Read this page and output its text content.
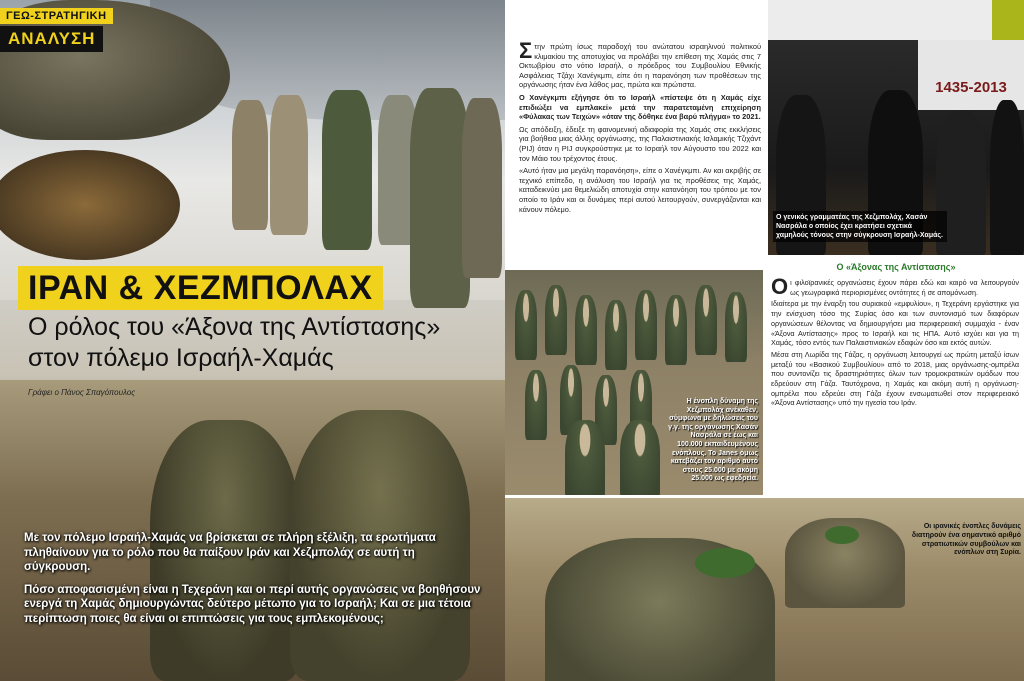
ΓΕΩ-ΣΤΡΑΤΗΓΙΚΗ
ΑΝΑΛΥΣΗ
ΙΡΑΝ & ΧΕΖΜΠΟΛΑΧ
Ο ρόλος του «Άξονα της Αντίστασης» στον πόλεμο Ισραήλ-Χαμάς
Γράφει ο Πάνος Σπαγόπουλος

Με τον πόλεμο Ισραήλ-Χαμάς να βρίσκεται σε πλήρη εξέλιξη, τα ερωτήματα πληθαίνουν για το ρόλο που θα παίξουν Ιράν και Χεζμπολάχ σε αυτή τη σύγκρουση.

Πόσο αποφασισμένη είναι η Τεχεράνη και οι περί αυτής οργανώσεις να βοηθήσουν ενεργά τη Χαμάς δημιουργώντας δεύτερο μέτωπο για το Ισραήλ; Και σε μια τέτοια περίπτωση ποιες θα είναι οι επιπτώσεις για τους εμπλεκομένους;

Στην πρώτη ίσως παραδοχή του ανώτατου ισραηλινού πολιτικού κλιμακίου της αποτυχίας να προλάβει την επίθεση της Χαμάς στις 7 Οκτωβρίου στο νότιο Ισραήλ, ο πρόεδρος του Συμβουλίου Εθνικής Ασφάλειας Τζάχι Χανέγκμπι, είπε ότι η παρανόηση των προθέσεων της οργάνωσης ήταν ένα λάθος μας, πρώτα και πρώτιστα.

Ο Χανέγκμπι εξήγησε ότι το Ισραήλ «πίστεψε ότι η Χαμάς είχε επιδιώξει να εμπλακεί» μετά την παρατεταμένη επιχείρηση «Φύλακας των Τειχών» «όταν της δόθηκε ένα βαρύ πλήγμα» το 2021.

Ως απόδειξη, έδειξε τη φαινομενική αδιαφορία της Χαμάς στις εκκλήσεις για βοήθεια μιας άλλης οργάνωσης, της Παλαιστινιακής Ισλαμικής Τζιχάντ (PIJ) όταν η PIJ συγκρούστηκε με το Ισραήλ τον Αύγουστο του 2022 και τον Μάιο του τρέχοντος έτους.

«Αυτό ήταν μια μεγάλη παρανόηση», είπε ο Χανέγκμπι. Αν και ακριβής σε τεχνικό επίπεδο, η ανάλυση του Ισραήλ για τις προθέσεις της Χαμάς, καταδεικνύει μια θεμελιώδη αποτυχία στην κατανόηση του τρόπου με τον οποίο το Ιράν και οι δυνάμεις περί αυτού λειτουργούν, συνεργάζονται και κάνουν πόλεμο.

1435-2013
Ο γενικός γραμματέας της Χεζμπολάχ, Χασάν Νασράλα ο οποίος έχει κρατήσει σχετικά χαμηλούς τόνους στην σύγκρουση Ισραήλ-Χαμάς.
Η ένοπλη δύναμη της Χεζμπολάχ ανέκαθεν, σύμφωνα με δηλώσεις του γ.γ. της οργάνωσης Χασάν Νασράλα σε έως και 100.000 εκπαιδευμένους ενόπλους. Το Janes όμως κατεβάζει τον αριθμό αυτό στους 25.000 με ακόμη 25.000 ως εφεδρεία.
Ο «Άξονας της Αντίστασης»

Οι φιλοϊρανικές οργανώσεις έχουν πάρει εδώ και καιρό να λειτουργούν ως γεωγραφικά περιορισμένες οντότητες ή σε απομόνωση.

Ιδιαίτερα με την έναρξη του συριακού «εμφυλίου», η Τεχεράνη εργάστηκε για την ενίσχυση τόσο της Συρίας όσο και των συντονισμό των διαφόρων οργανώσεων θέλοντας να δημιουργήσει μια περιφερειακή συμμαχία - έναν «Άξονα Αντίστασης» προς το Ισραήλ και τις ΗΠΑ. Αυτό ισχύει και για τη Χαμάς, τόσο εντός των Παλαιστινιακών εδαφών όσο και εκτός αυτών.

Μέσα στη Λωρίδα της Γάζας, η οργάνωση λειτουργεί ως πρώτη μεταξύ ίσων μεταξύ του «Βασικού Συμβουλίου» από το 2018, μιας οργάνωσης-ομπρέλα που συντονίζει τις δραστηριότητες όλων των τρομοκρατικών ομάδων που εδρεύουν στη Γάζα. Ταυτόχρονα, η Χαμάς και ακόμη αυτή η οργάνωση-ομπρέλα που εδρεύει στη Γάζα έχουν ενσωματωθεί στον περιφερειακό «Άξονα Αντίστασης» υπό την ηγεσία του Ιράν.

Οι ιρανικές ένοπλες δυνάμεις διατηρούν ένα σημαντικό αριθμό στρατιωτικών συμβούλων και ενόπλων στη Συρία.
